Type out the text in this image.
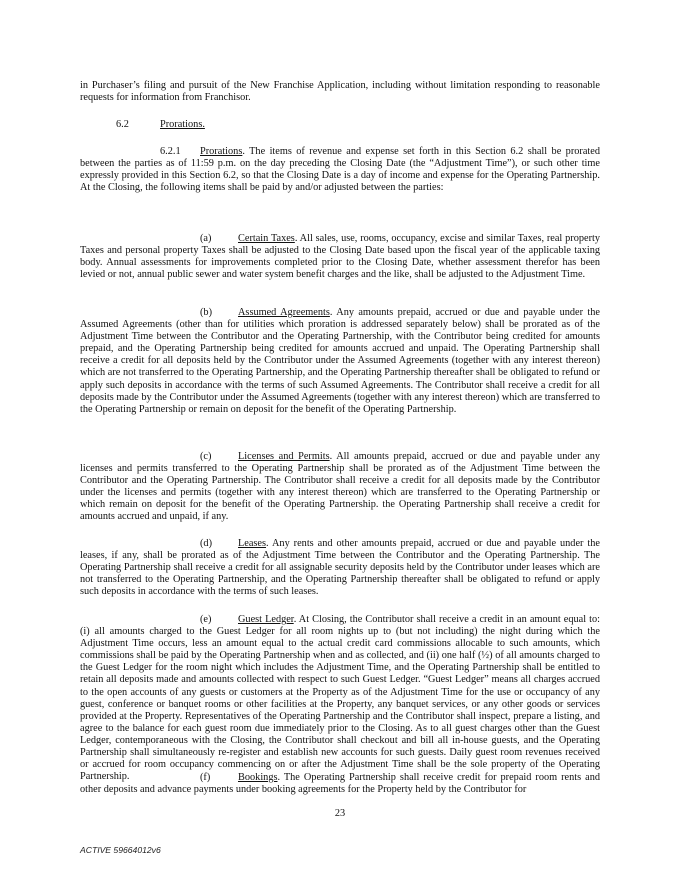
in Purchaser’s filing and pursuit of the New Franchise Application, including without limitation responding to reasonable requests for information from Franchisor.

6.2	Prorations.

6.2.1 Prorations. The items of revenue and expense set forth in this Section 6.2 shall be prorated between the parties as of 11:59 p.m. on the day preceding the Closing Date (the “Adjustment Time”), or such other time expressly provided in this Section 6.2, so that the Closing Date is a day of income and expense for the Operating Partnership. At the Closing, the following items shall be paid by and/or adjusted between the parties:

(a)	Certain Taxes. All sales, use, rooms, occupancy, excise and similar Taxes, real property Taxes and personal property Taxes shall be adjusted to the Closing Date based upon the fiscal year of the applicable taxing body. Annual assessments for improvements completed prior to the Closing Date, whether assessment therefor has been levied or not, annual public sewer and water system benefit charges and the like, shall be adjusted to the Adjustment Time.

(b)	Assumed Agreements. Any amounts prepaid, accrued or due and payable under the Assumed Agreements (other than for utilities which proration is addressed separately below) shall be prorated as of the Adjustment Time between the Contributor and the Operating Partnership, with the Contributor being credited for amounts prepaid, and the Operating Partnership being credited for amounts accrued and unpaid. The Operating Partnership shall receive a credit for all deposits held by the Contributor under the Assumed Agreements (together with any interest thereon) which are not transferred to the Operating Partnership, and the Operating Partnership thereafter shall be obligated to refund or apply such deposits in accordance with the terms of such Assumed Agreements. The Contributor shall receive a credit for all deposits made by the Contributor under the Assumed Agreements (together with any interest thereon) which are transferred to the Operating Partnership or remain on deposit for the benefit of the Operating Partnership.

(c)	Licenses and Permits. All amounts prepaid, accrued or due and payable under any licenses and permits transferred to the Operating Partnership shall be prorated as of the Adjustment Time between the Contributor and the Operating Partnership. The Contributor shall receive a credit for all deposits made by the Contributor under the licenses and permits (together with any interest thereon) which are transferred to the Operating Partnership or which remain on deposit for the benefit of the Operating Partnership. the Operating Partnership shall receive a credit for amounts accrued and unpaid, if any.

(d)	Leases. Any rents and other amounts prepaid, accrued or due and payable under the leases, if any, shall be prorated as of the Adjustment Time between the Contributor and the Operating Partnership. The Operating Partnership shall receive a credit for all assignable security deposits held by the Contributor under leases which are not transferred to the Operating Partnership, and the Operating Partnership thereafter shall be obligated to refund or apply such deposits in accordance with the terms of such leases.

(e)	Guest Ledger. At Closing, the Contributor shall receive a credit in an amount equal to: (i) all amounts charged to the Guest Ledger for all room nights up to (but not including) the night during which the Adjustment Time occurs, less an amount equal to the actual credit card commissions allocable to such amounts, which commissions shall be paid by the Operating Partnership when and as collected, and (ii) one half (½) of all amounts charged to the Guest Ledger for the room night which includes the Adjustment Time, and the Operating Partnership shall be entitled to retain all deposits made and amounts collected with respect to such Guest Ledger. “Guest Ledger” means all charges accrued to the open accounts of any guests or customers at the Property as of the Adjustment Time for the use or occupancy of any guest, conference or banquet rooms or other facilities at the Property, any banquet services, or any other goods or services provided at the Property. Representatives of the Operating Partnership and the Contributor shall inspect, prepare a listing, and agree to the balance for each guest room due immediately prior to the Closing. As to all guest charges other than the Guest Ledger, contemporaneous with the Closing, the Contributor shall checkout and bill all in-house guests, and the Operating Partnership shall simultaneously re-register and establish new accounts for such guests. Daily guest room revenues received or accrued for room occupancy commencing on or after the Adjustment Time shall be the sole property of the Operating Partnership.	(f)	Bookings. The Operating Partnership shall receive credit for prepaid room rents and other deposits and advance payments under booking agreements for the Property held by the Contributor for

23
ACTIVE 59664012v6
